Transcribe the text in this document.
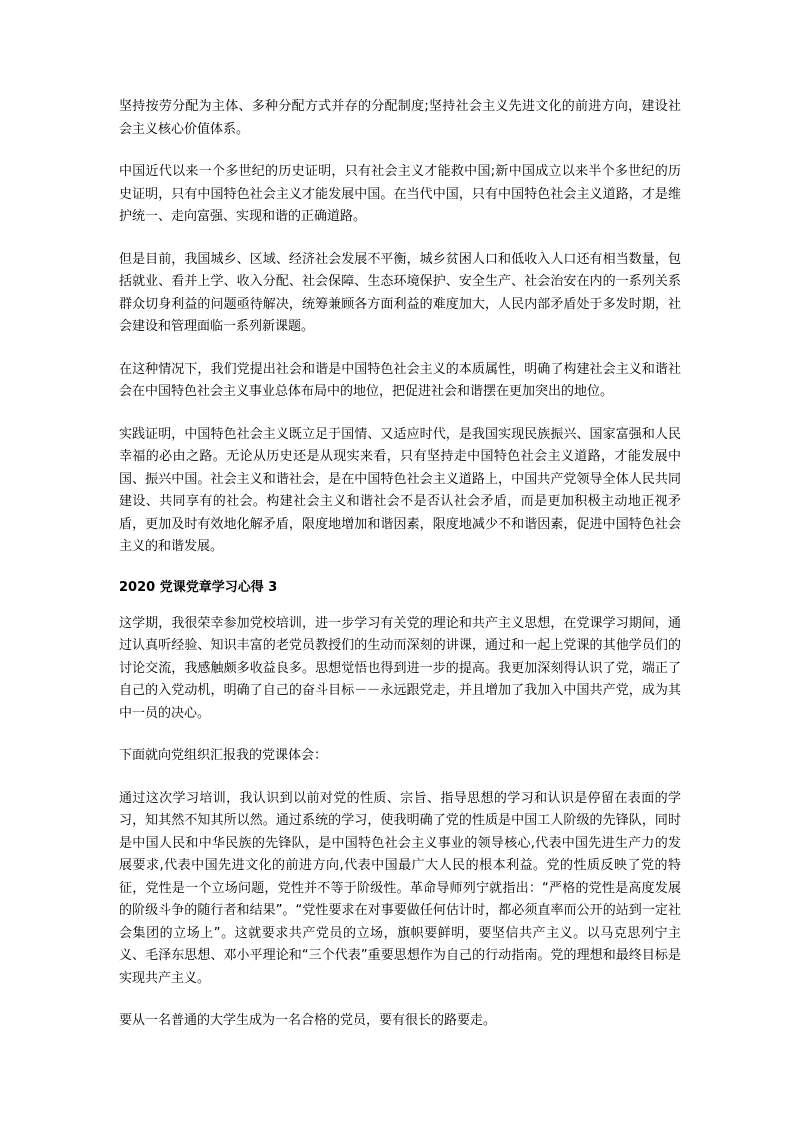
坚持按劳分配为主体、多种分配方式并存的分配制度;坚持社会主义先进文化的前进方向，建设社会主义核心价值体系。

中国近代以来一个多世纪的历史证明，只有社会主义才能救中国;新中国成立以来半个多世纪的历史证明，只有中国特色社会主义才能发展中国。在当代中国，只有中国特色社会主义道路，才是维护统一、走向富强、实现和谐的正确道路。

但是目前，我国城乡、区域、经济社会发展不平衡，城乡贫困人口和低收入人口还有相当数量，包括就业、看并上学、收入分配、社会保障、生态环境保护、安全生产、社会治安在内的一系列关系群众切身利益的问题亟待解决，统筹兼顾各方面利益的难度加大，人民内部矛盾处于多发时期，社会建设和管理面临一系列新课题。

在这种情况下，我们党提出社会和谐是中国特色社会主义的本质属性，明确了构建社会主义和谐社会在中国特色社会主义事业总体布局中的地位，把促进社会和谐摆在更加突出的地位。

实践证明，中国特色社会主义既立足于国情、又适应时代，是我国实现民族振兴、国家富强和人民幸福的必由之路。无论从历史还是从现实来看，只有坚持走中国特色社会主义道路，才能发展中国、振兴中国。社会主义和谐社会，是在中国特色社会主义道路上，中国共产党领导全体人民共同建设、共同享有的社会。构建社会主义和谐社会不是否认社会矛盾，而是更加积极主动地正视矛盾，更加及时有效地化解矛盾，限度地增加和谐因素，限度地减少不和谐因素，促进中国特色社会主义的和谐发展。

2020 党课党章学习心得 3

这学期，我很荣幸参加党校培训，进一步学习有关党的理论和共产主义思想，在党课学习期间，通过认真听经验、知识丰富的老党员教授们的生动而深刻的讲课，通过和一起上党课的其他学员们的讨论交流，我感触颇多收益良多。思想觉悟也得到进一步的提高。我更加深刻得认识了党，端正了自己的入党动机，明确了自己的奋斗目标－－永远跟党走，并且增加了我加入中国共产党，成为其中一员的决心。

下面就向党组织汇报我的党课体会：

通过这次学习培训，我认识到以前对党的性质、宗旨、指导思想的学习和认识是停留在表面的学习，知其然不知其所以然。通过系统的学习，使我明确了党的性质是中国工人阶级的先锋队，同时是中国人民和中华民族的先锋队，是中国特色社会主义事业的领导核心,代表中国先进生产力的发展要求,代表中国先进文化的前进方向,代表中国最广大人民的根本利益。党的性质反映了党的特征，党性是一个立场问题，党性并不等于阶级性。革命导师列宁就指出：“严格的党性是高度发展的阶级斗争的随行者和结果”。“党性要求在对事要做任何估计时，都必须直率而公开的站到一定社会集团的立场上”。这就要求共产党员的立场，旗帜要鲜明，要坚信共产主义。以马克思列宁主义、毛泽东思想、邓小平理论和“三个代表”重要思想作为自己的行动指南。党的理想和最终目标是实现共产主义。

要从一名普通的大学生成为一名合格的党员，要有很长的路要走。
